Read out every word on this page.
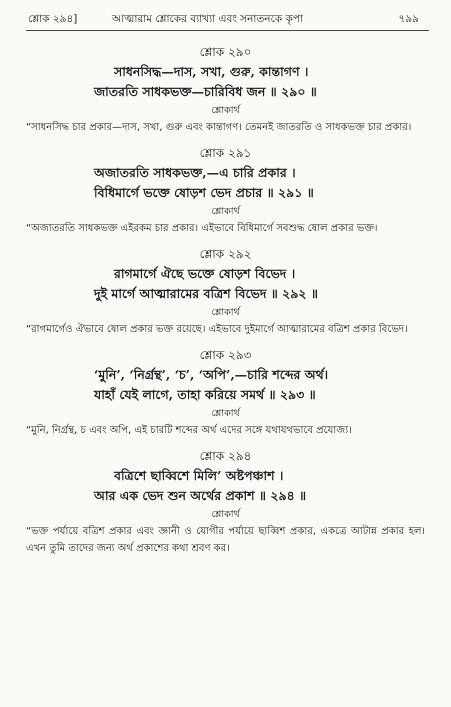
শ্লোক ২৯৪]	আত্মারাম শ্লোকের ব্যাখ্যা এবং সনাতনকে কৃপা	৭৯৯
শ্লোক ২৯০
সাধনসিদ্ধ—দাস, সখা, গুরু, কান্তাগণ ।
জাতরতি সাধকভক্ত—চারিবিধ জন ॥ ২৯০ ॥
শ্লোকার্থ
“সাধনসিদ্ধ চার প্রকার—দাস, সখা, গুরু এবং কান্তাগণ। তেমনই জাতরতি ও সাধকভক্ত চার প্রকার।
শ্লোক ২৯১
অজাতরতি সাধকভক্ত,—এ চারি প্রকার ।
বিধিমার্গে ভক্তে ষোড়শ ভেদ প্রচার ॥ ২৯১ ॥
শ্লোকার্থ
“অজাতরতি সাধকভক্ত এইরকম চার প্রকার। এইভাবে বিধিমার্গে সবশুদ্ধ ষোল প্রকার ভক্ত।
শ্লোক ২৯২
রাগমার্গে ঐছে ভক্তে ষোড়শ বিভেদ ।
দুই মার্গে আত্মারামের বত্রিশ বিভেদ ॥ ২৯২ ॥
শ্লোকার্থ
“রাগমার্গেও ঐভাবে ষোল প্রকার ভক্ত রয়েছে। এইভাবে দুইমার্গে আত্মারামের বত্রিশ প্রকার বিভেদ।
শ্লোক ২৯৩
‘মুনি’, ‘নির্গ্রন্থ’, ‘চ’, ‘অপি’,—চারি শব্দের অর্থ।
যাহাঁ যেই লাগে, তাহা করিয়ে সমর্থ ॥ ২৯৩ ॥
শ্লোকার্থ
“মুনি, নির্গ্রন্থ, চ এবং অপি, এই চারটি শব্দের অর্থ এদের সঙ্গে যথাযথভাবে প্রযোজ্য।
শ্লোক ২৯৪
বত্রিশে ছাব্বিশে মিলি’ অষ্টপঞ্চাশ ।
আর এক ভেদ শুন অর্থের প্রকাশ ॥ ২৯৪ ॥
শ্লোকার্থ
“ভক্ত পর্যায়ে বত্রিশ প্রকার এবং জ্ঞানী ও যোগীর পর্যায়ে ছাব্বিশ প্রকার, একত্রে আটান্ন প্রকার হল। এখন তুমি তাদের জন্য অর্থ প্রকাশের কথা শ্রবণ কর।
